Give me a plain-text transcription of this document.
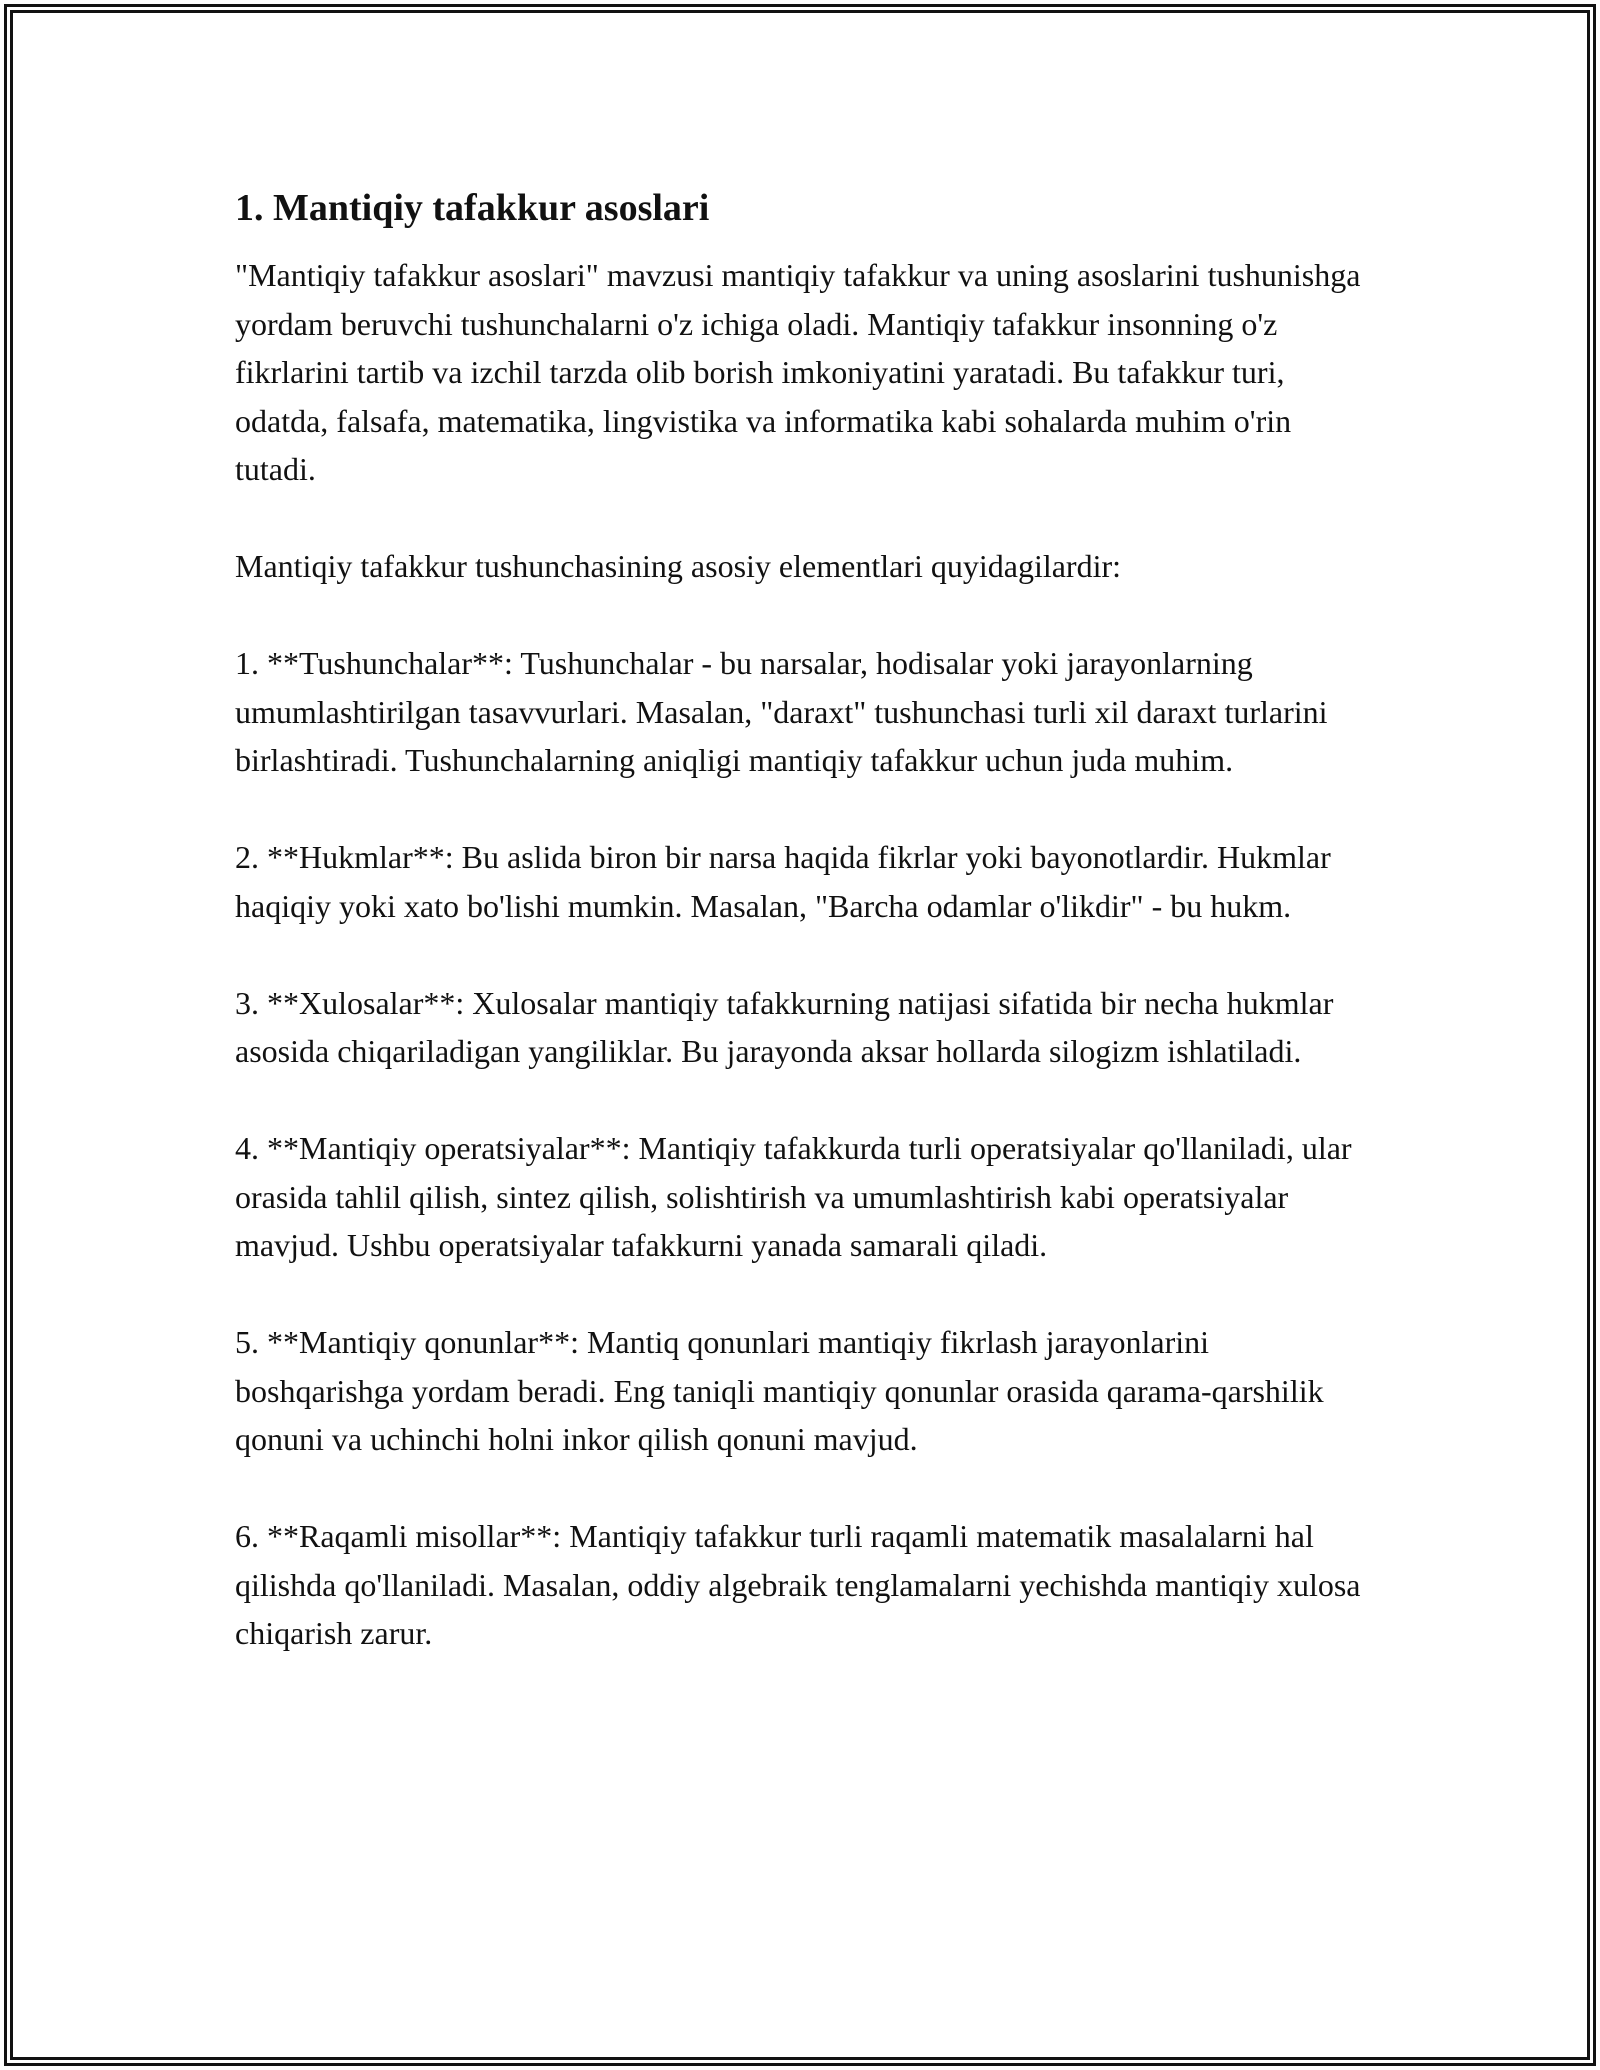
1. Mantiqiy tafakkur asoslari

"Mantiqiy tafakkur asoslari" mavzusi mantiqiy tafakkur va uning asoslarini tushunishga yordam beruvchi tushunchalarni o'z ichiga oladi. Mantiqiy tafakkur insonning o'z fikrlarini tartib va izchil tarzda olib borish imkoniyatini yaratadi. Bu tafakkur turi, odatda, falsafa, matematika, lingvistika va informatika kabi sohalarda muhim o'rin tutadi.

Mantiqiy tafakkur tushunchasining asosiy elementlari quyidagilardir:

1. **Tushunchalar**: Tushunchalar - bu narsalar, hodisalar yoki jarayonlarning umumlashtirilgan tasavvurlari. Masalan, "daraxt" tushunchasi turli xil daraxt turlarini birlashtiradi. Tushunchalarning aniqligi mantiqiy tafakkur uchun juda muhim.

2. **Hukmlar**: Bu aslida biron bir narsa haqida fikrlar yoki bayonotlardir. Hukmlar haqiqiy yoki xato bo'lishi mumkin. Masalan, "Barcha odamlar o'likdir" - bu hukm.

3. **Xulosalar**: Xulosalar mantiqiy tafakkurning natijasi sifatida bir necha hukmlar asosida chiqariladigan yangiliklar. Bu jarayonda aksar hollarda silogizm ishlatiladi.

4. **Mantiqiy operatsiyalar**: Mantiqiy tafakkurda turli operatsiyalar qo'llaniladi, ular orasida tahlil qilish, sintez qilish, solishtirish va umumlashtirish kabi operatsiyalar mavjud. Ushbu operatsiyalar tafakkurni yanada samarali qiladi.

5. **Mantiqiy qonunlar**: Mantiq qonunlari mantiqiy fikrlash jarayonlarini boshqarishga yordam beradi. Eng taniqli mantiqiy qonunlar orasida qarama-qarshilik qonuni va uchinchi holni inkor qilish qonuni mavjud.

6. **Raqamli misollar**: Mantiqiy tafakkur turli raqamli matematik masalalarni hal qilishda qo'llaniladi. Masalan, oddiy algebraik tenglamalarni yechishda mantiqiy xulosa chiqarish zarur.
